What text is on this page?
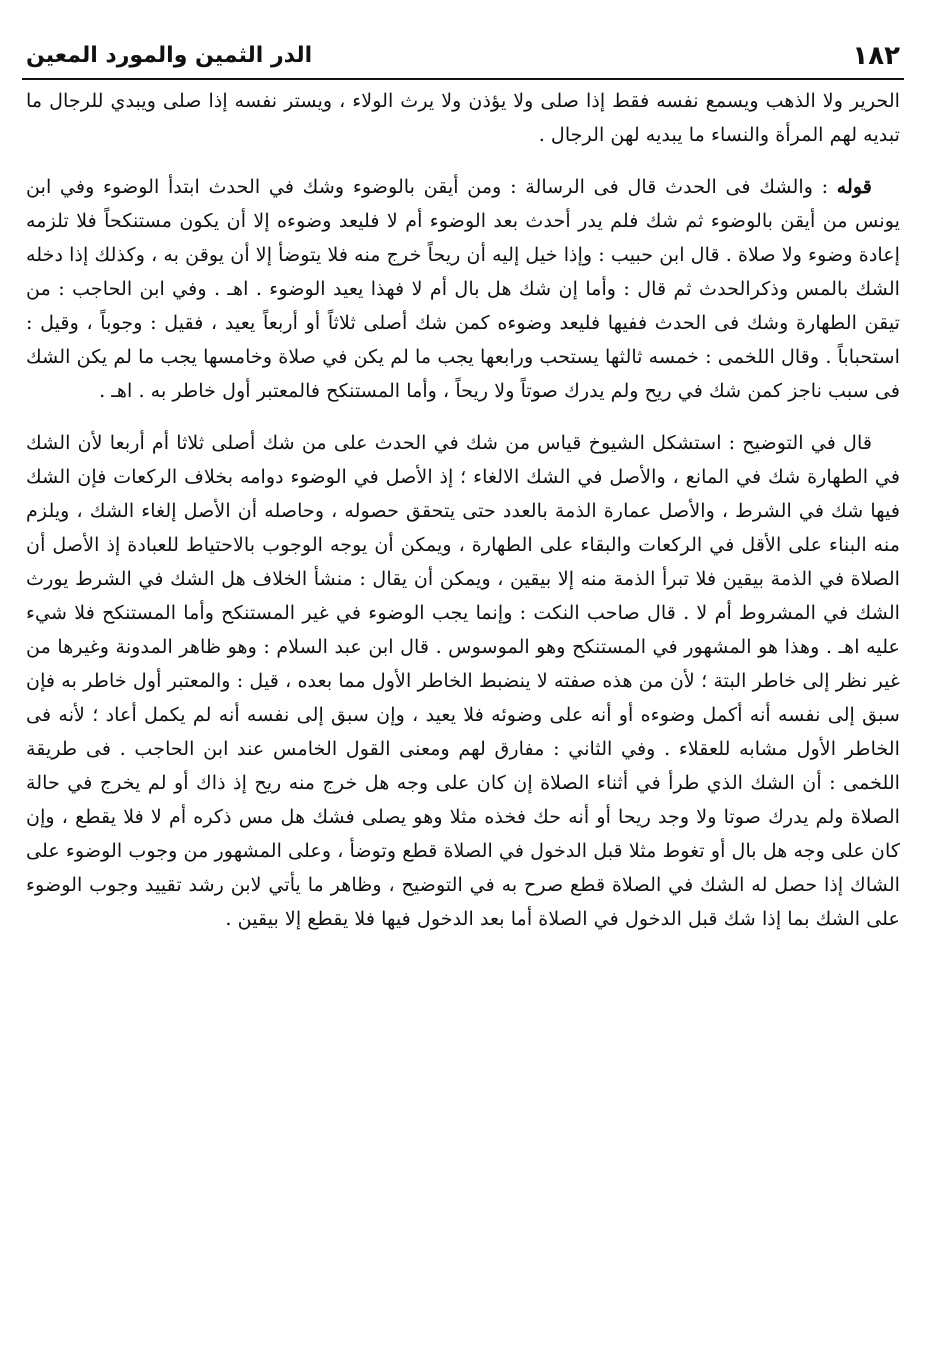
١٨٢
الدر الثمين والمورد المعين

الحرير ولا الذهب ويسمع نفسه فقط إذا صلى ولا يؤذن ولا يرث الولاء ، ويستر نفسه إذا صلى ويبدي للرجال ما تبديه لهم المرأة والنساء ما يبديه لهن الرجال .

قوله : والشك فى الحدث قال فى الرسالة : ومن أيقن بالوضوء وشك في الحدث ابتدأ الوضوء وفي ابن يونس من أيقن بالوضوء ثم شك فلم يدر أحدث بعد الوضوء أم لا فليعد وضوءه إلا أن يكون مستنكحاً فلا تلزمه إعادة وضوء ولا صلاة . قال ابن حبيب : وإذا خيل إليه أن ريحاً خرج منه فلا يتوضأ إلا أن يوقن به ، وكذلك إذا دخله الشك بالمس وذكرالحدث ثم قال : وأما إن شك هل بال أم لا فهذا يعيد الوضوء . اهـ . وفي ابن الحاجب : من تيقن الطهارة وشك فى الحدث ففيها فليعد وضوءه كمن شك أصلى ثلاثاً أو أربعاً يعيد ، فقيل : وجوباً ، وقيل : استحباباً . وقال اللخمى : خمسه ثالثها يستحب ورابعها يجب ما لم يكن في صلاة وخامسها يجب ما لم يكن الشك فى سبب ناجز كمن شك في ريح ولم يدرك صوتاً ولا ريحاً ، وأما المستنكح فالمعتبر أول خاطر به . اهـ .

قال في التوضيح : استشكل الشيوخ قياس من شك في الحدث على من شك أصلى ثلاثا أم أربعا لأن الشك في الطهارة شك في المانع ، والأصل في الشك الالغاء ؛ إذ الأصل في الوضوء دوامه بخلاف الركعات فإن الشك فيها شك في الشرط ، والأصل عمارة الذمة بالعدد حتى يتحقق حصوله ، وحاصله أن الأصل إلغاء الشك ، ويلزم منه البناء على الأقل في الركعات والبقاء على الطهارة ، ويمكن أن يوجه الوجوب بالاحتياط للعبادة إذ الأصل أن الصلاة في الذمة بيقين فلا تبرأ الذمة منه إلا بيقين ، ويمكن أن يقال : منشأ الخلاف هل الشك في الشرط يورث الشك في المشروط أم لا . قال صاحب النكت : وإنما يجب الوضوء في غير المستنكح وأما المستنكح فلا شيء عليه اهـ . وهذا هو المشهور في المستنكح وهو الموسوس . قال ابن عبد السلام : وهو ظاهر المدونة وغيرها من غير نظر إلى خاطر البتة ؛ لأن من هذه صفته لا ينضبط الخاطر الأول مما بعده ، قيل : والمعتبر أول خاطر به فإن سبق إلى نفسه أنه أكمل وضوءه أو أنه على وضوئه فلا يعيد ، وإن سبق إلى نفسه أنه لم يكمل أعاد ؛ لأنه فى الخاطر الأول مشابه للعقلاء . وفي الثاني : مفارق لهم ومعنى القول الخامس عند ابن الحاجب . فى طريقة اللخمى : أن الشك الذي طرأ في أثناء الصلاة إن كان على وجه هل خرج منه ريح إذ ذاك أو لم يخرج في حالة الصلاة ولم يدرك صوتا ولا وجد ريحا أو أنه حك فخذه مثلا وهو يصلى فشك هل مس ذكره أم لا فلا يقطع ، وإن كان على وجه هل بال أو تغوط مثلا قبل الدخول في الصلاة قطع وتوضأ ، وعلى المشهور من وجوب الوضوء على الشاك إذا حصل له الشك في الصلاة قطع صرح به في التوضيح ، وظاهر ما يأتي لابن رشد تقييد وجوب الوضوء على الشك بما إذا شك قبل الدخول في الصلاة أما بعد الدخول فيها فلا يقطع إلا بيقين .
